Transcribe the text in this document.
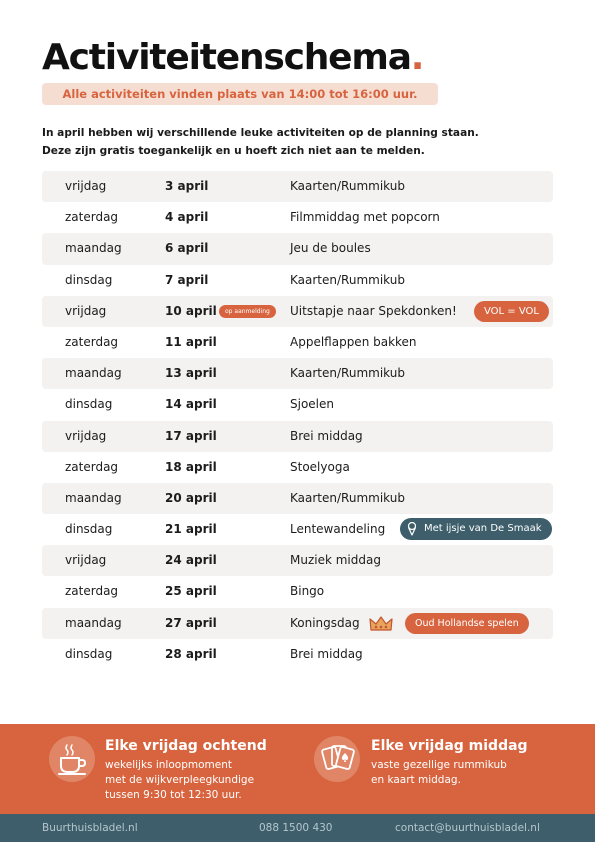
Activiteitenschema.
Alle activiteiten vinden plaats van 14:00 tot 16:00 uur.
In april hebben wij verschillende leuke activiteiten op de planning staan.
Deze zijn gratis toegankelijk en u hoeft zich niet aan te melden.
vrijdag	3 april	Kaarten/Rummikub
zaterdag	4 april	Filmmiddag met popcorn
maandag	6 april	Jeu de boules
dinsdag	7 april	Kaarten/Rummikub
vrijdag	10 april	op aanmelding	Uitstapje naar Spekdonken!	VOL = VOL
zaterdag	11 april	Appelflappen bakken
maandag	13 april	Kaarten/Rummikub
dinsdag	14 april	Sjoelen
vrijdag	17 april	Brei middag
zaterdag	18 april	Stoelyoga
maandag	20 april	Kaarten/Rummikub
dinsdag	21 april	Lentewandeling	Met ijsje van De Smaak
vrijdag	24 april	Muziek middag
zaterdag	25 april	Bingo
maandag	27 april	Koningsdag	Oud Hollandse spelen
dinsdag	28 april	Brei middag
Elke vrijdag ochtend
wekelijks inloopmoment
met de wijkverpleegkundige
tussen 9:30 tot 12:30 uur.
Elke vrijdag middag
vaste gezellige rummikub
en kaart middag.
Buurthuisbladel.nl	088 1500 430	contact@buurthuisbladel.nl
